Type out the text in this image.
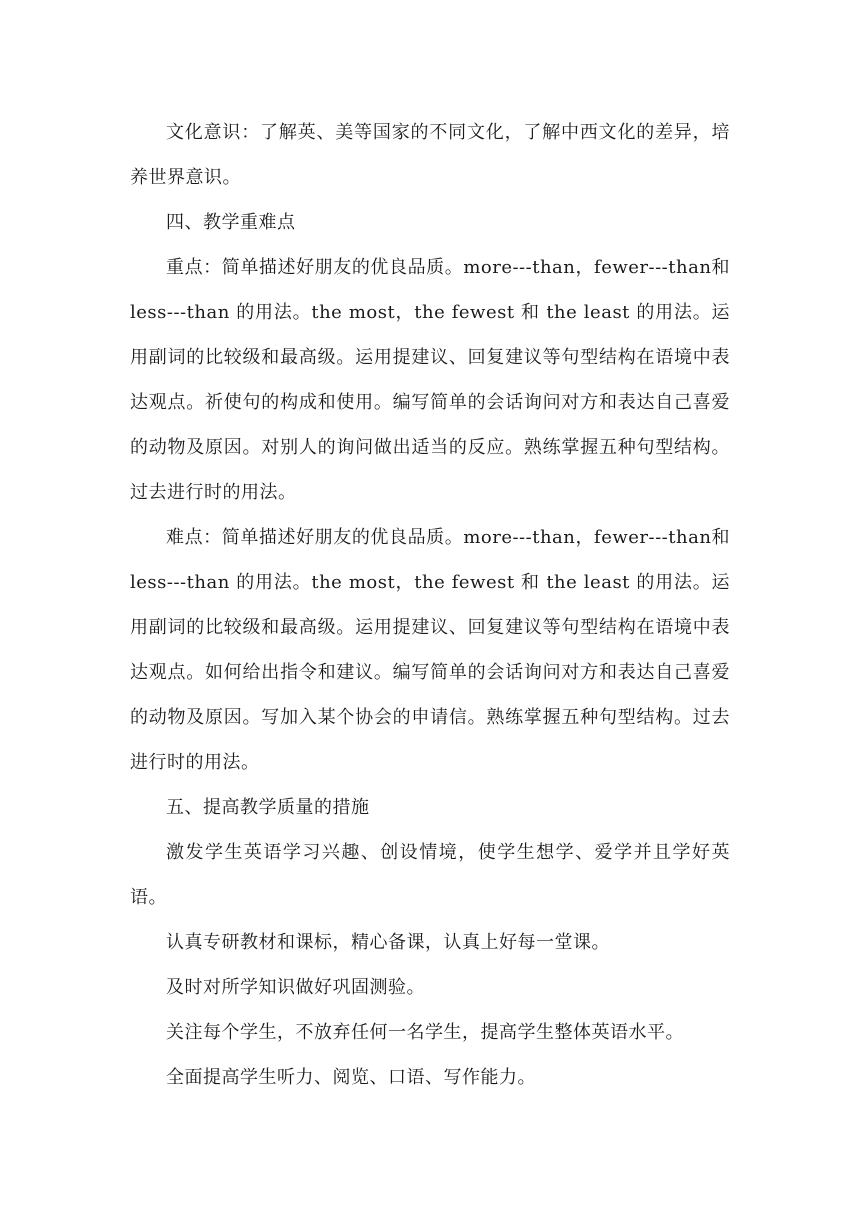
文化意识：了解英、美等国家的不同文化，了解中西文化的差异，培养世界意识。

四、教学重难点

重点：简单描述好朋友的优良品质。more---than，fewer---than和 less---than 的用法。the most，the fewest 和 the least 的用法。运用副词的比较级和最高级。运用提建议、回复建议等句型结构在语境中表达观点。祈使句的构成和使用。编写简单的会话询问对方和表达自己喜爱的动物及原因。对别人的询问做出适当的反应。熟练掌握五种句型结构。过去进行时的用法。

难点：简单描述好朋友的优良品质。more---than，fewer---than和 less---than 的用法。the most，the fewest 和 the least 的用法。运用副词的比较级和最高级。运用提建议、回复建议等句型结构在语境中表达观点。如何给出指令和建议。编写简单的会话询问对方和表达自己喜爱的动物及原因。写加入某个协会的申请信。熟练掌握五种句型结构。过去进行时的用法。

五、提高教学质量的措施

激发学生英语学习兴趣、创设情境，使学生想学、爱学并且学好英语。

认真专研教材和课标，精心备课，认真上好每一堂课。

及时对所学知识做好巩固测验。

关注每个学生，不放弃任何一名学生，提高学生整体英语水平。

全面提高学生听力、阅览、口语、写作能力。
